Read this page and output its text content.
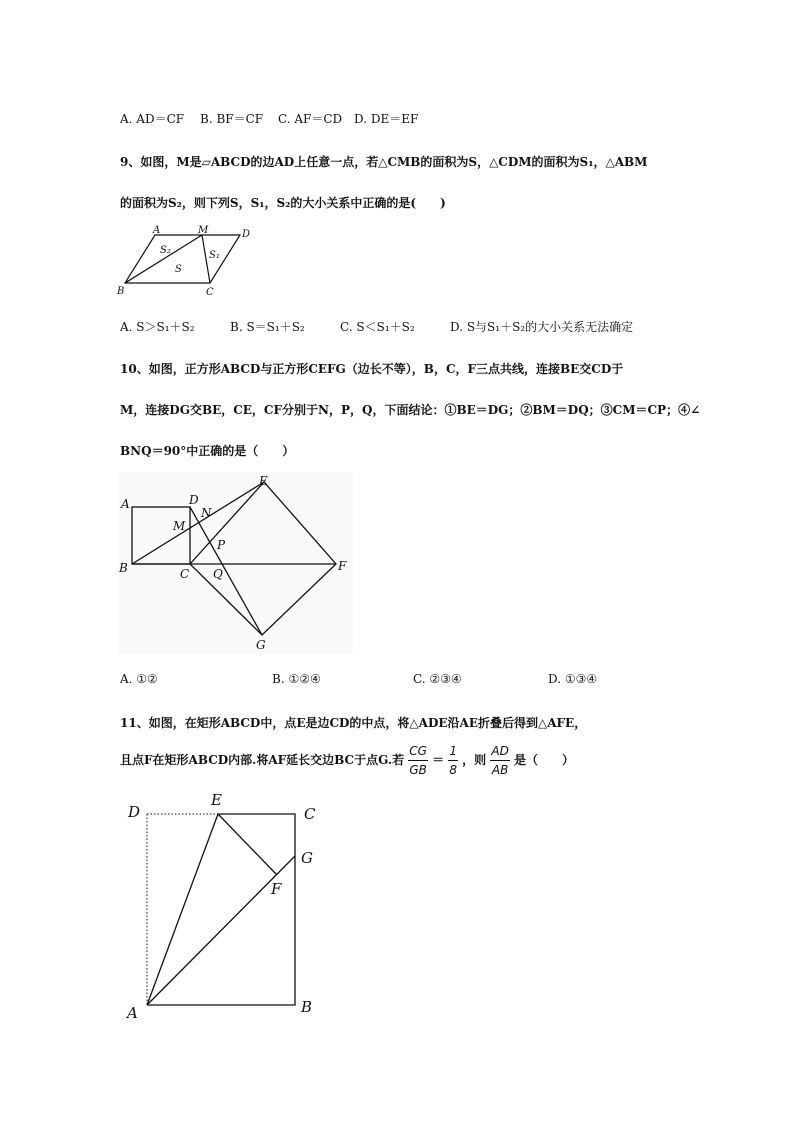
A. AD＝CF B. BF＝CF C. AF＝CD D. DE＝EF
9、如图，M是▱ABCD的边AD上任意一点，若△CMB的面积为S，△CDM的面积为S₁，△ABM
的面积为S₂，则下列S，S₁，S₂的大小关系中正确的是(　　)
A	M	D
B	C
S
S₁
S₂
A. S＞S₁＋S₂	B. S＝S₁＋S₂	C. S＜S₁＋S₂	D. S与S₁＋S₂的大小关系无法确定
10、如图，正方形ABCD与正方形CEFG（边长不等），B，C，F三点共线，连接BE交CD于
M，连接DG交BE，CE，CF分别于N，P，Q，下面结论：①BE＝DG；②BM＝DQ；③CM＝CP；④∠
BNQ＝90°中正确的是（　　）
A	D
E
N
M
P
B	C Q
F
G
A. ①②	B. ①②④	C. ②③④	D. ①③④
11、如图，在矩形ABCD中，点E是边CD的中点，将△ADE沿AE折叠后得到△AFE，
且点F在矩形ABCD内部.将AF延长交边BC于点G.若 $\frac{CG}{GB} = \frac{1}{8}$ ，则 $\frac{AD}{AB}$ 是（　　）
D
E
C
G
F
A	B
